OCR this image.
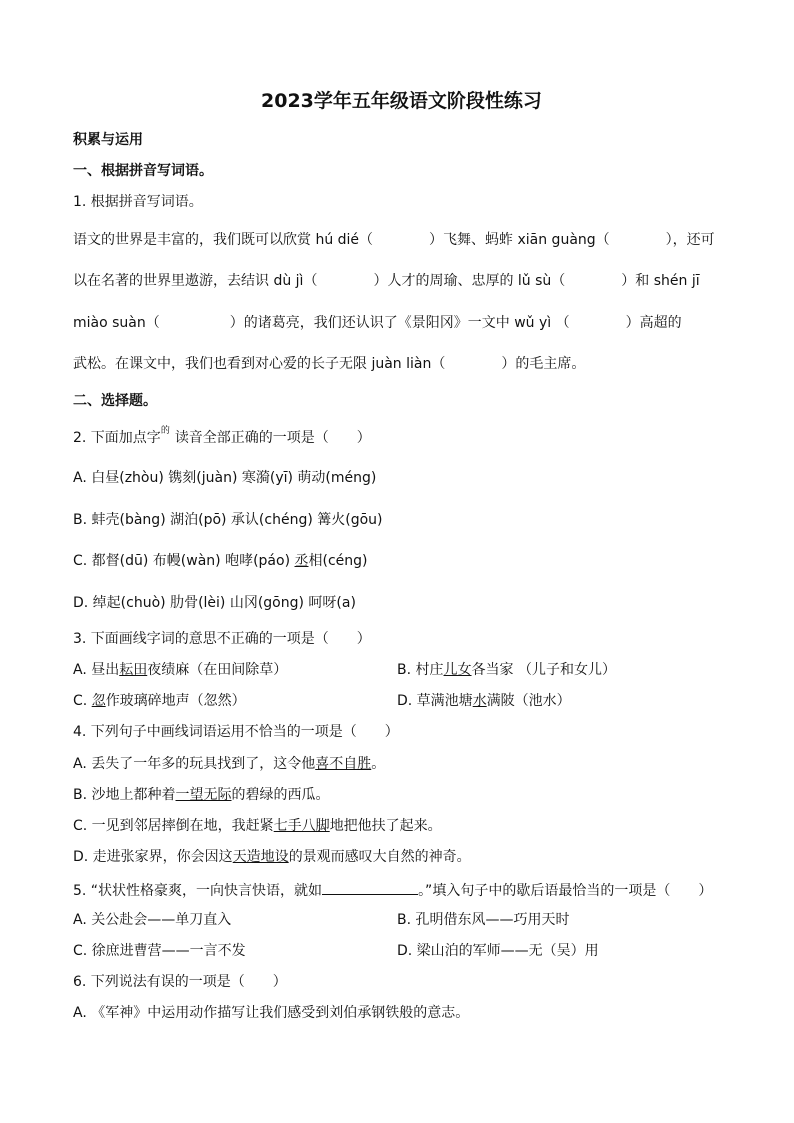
2023学年五年级语文阶段性练习
积累与运用
一、根据拼音写词语。
1. 根据拼音写词语。
语文的世界是丰富的，我们既可以欣赏 hú dié（　　　　）飞舞、蚂蚱 xiān guàng（　　　　），还可
以在名著的世界里遨游，去结识 dù jì（　　　　）人才的周瑜、忠厚的 lǔ sù（　　　　）和 shén jī
miào suàn（　　　　　）的诸葛亮，我们还认识了《景阳冈》一文中 wǔ yì （　　　　）高超的
武松。在课文中，我们也看到对心爱的长子无限 juàn liàn（　　　　）的毛主席。
二、选择题。
2. 下面加点字 的 读音全部正确的一项是（　　）
A. 白昼(zhòu) 镌刻(juàn) 寒漪(yī) 萌动(méng)
B. 蚌壳(bàng) 湖泊(pō) 承认(chéng) 篝火(gōu)
C. 都督(dū) 布幔(wàn) 咆哮(páo) 丞相(céng)
D. 绰起(chuò) 肋骨(lèi) 山冈(gōng) 呵呀(a)
3. 下面画线字词的意思不正确的一项是（　　）
A. 昼出耘田夜绩麻（在田间除草）	B. 村庄儿女各当家 （儿子和女儿）
C. 忽作玻璃碎地声（忽然）	D. 草满池塘水满陂（池水）
4. 下列句子中画线词语运用不恰当的一项是（　　）
A. 丢失了一年多的玩具找到了，这令他喜不自胜。
B. 沙地上都种着一望无际的碧绿的西瓜。
C. 一见到邻居摔倒在地，我赶紧七手八脚地把他扶了起来。
D. 走进张家界，你会因这天造地设的景观而感叹大自然的神奇。
5. “状状性格豪爽，一向快言快语，就如	。”填入句子中的歇后语最恰当的一项是（　　）
A. 关公赴会——单刀直入	B. 孔明借东风——巧用天时
C. 徐庶进曹营——一言不发	D. 梁山泊的军师——无（吴）用
6. 下列说法有误的一项是（　　）
A. 《军神》中运用动作描写让我们感受到刘伯承钢铁般的意志。
